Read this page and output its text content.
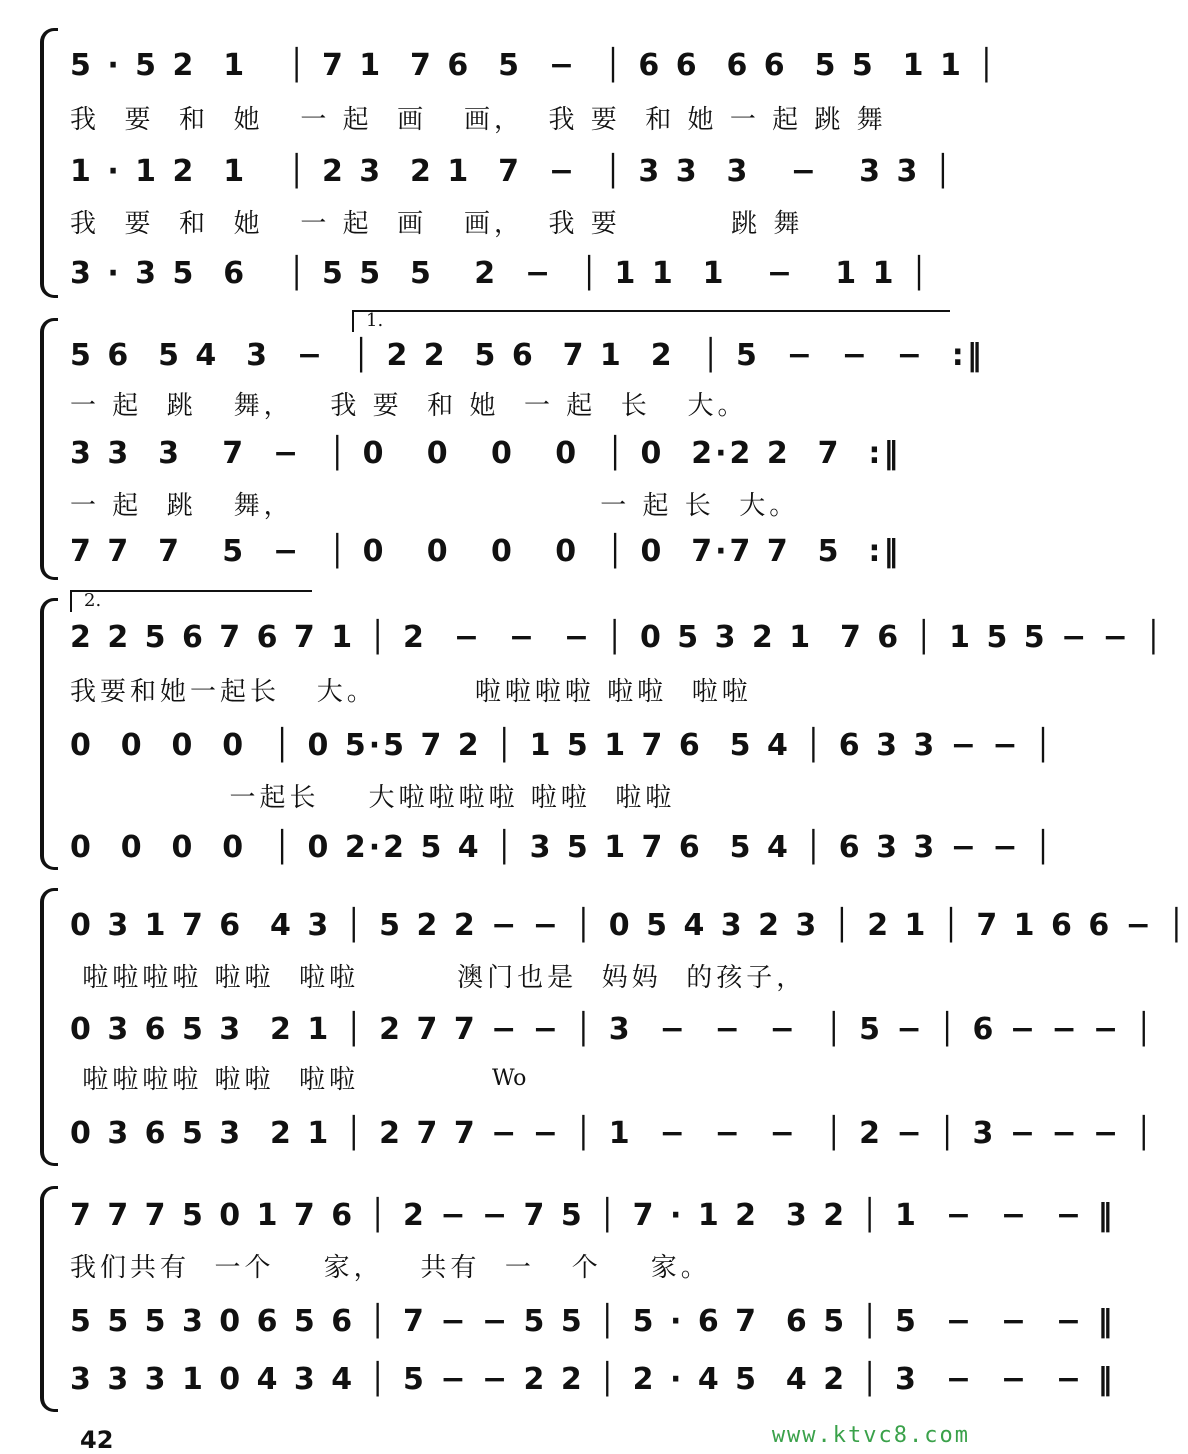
5 · 5 2  1   │ 7 1  7 6  5  −  │ 6 6  6 6  5 5  1 1 │
我  要  和  她   一 起  画   画，  我 要  和 她 一 起 跳 舞
1 · 1 2  1   │ 2 3  2 1  7  −  │ 3 3  3   −   3 3 │
我  要  和  她   一 起  画   画，  我 要         跳 舞
3 · 3 5  6   │ 5 5  5   2  −  │ 1 1  1   −   1 1 │
1.
5 6  5 4  3  −  │ 2 2  5 6  7 1  2  │ 5  −  −  −  :‖
一 起  跳   舞，   我 要  和 她  一 起  长   大。
3 3  3   7  −  │ 0   0   0   0  │ 0  2·2 2  7  :‖
一 起  跳   舞，                         一 起 长  大。
7 7  7   5  −  │ 0   0   0   0  │ 0  7·7 7  5  :‖
2.
2 2 5 6 7 6 7 1 │ 2  −  −  − │ 0 5 3 2 1  7 6 │ 1 5 5 − − │
我要和她一起长   大。        啦啦啦啦 啦啦  啦啦
0  0  0  0  │ 0 5·5 7 2 │ 1 5 1 7 6  5 4 │ 6 3 3 − − │
一起长    大啦啦啦啦 啦啦  啦啦
0  0  0  0  │ 0 2·2 5 4 │ 3 5 1 7 6  5 4 │ 6 3 3 − − │
0 3 1 7 6  4 3 │ 5 2 2 − − │ 0 5 4 3 2 3 │ 2 1 │ 7 1 6 6 − │
啦啦啦啦 啦啦  啦啦        澳门也是  妈妈  的孩子，
0 3 6 5 3  2 1 │ 2 7 7 − − │ 3  −  −  −  │ 5 − │ 6 − − − │
啦啦啦啦 啦啦  啦啦	Wo
0 3 6 5 3  2 1 │ 2 7 7 − − │ 1  −  −  −  │ 2 − │ 3 − − − │
7 7 7 5 0 1 7 6 │ 2 − − 7 5 │ 7 · 1 2  3 2 │ 1  −  −  − ‖
我们共有  一个    家，   共有  一   个    家。
5 5 5 3 0 6 5 6 │ 7 − − 5 5 │ 5 · 6 7  6 5 │ 5  −  −  − ‖
3 3 3 1 0 4 3 4 │ 5 − − 2 2 │ 2 · 4 5  4 2 │ 3  −  −  − ‖
42	www.ktvc8.com
